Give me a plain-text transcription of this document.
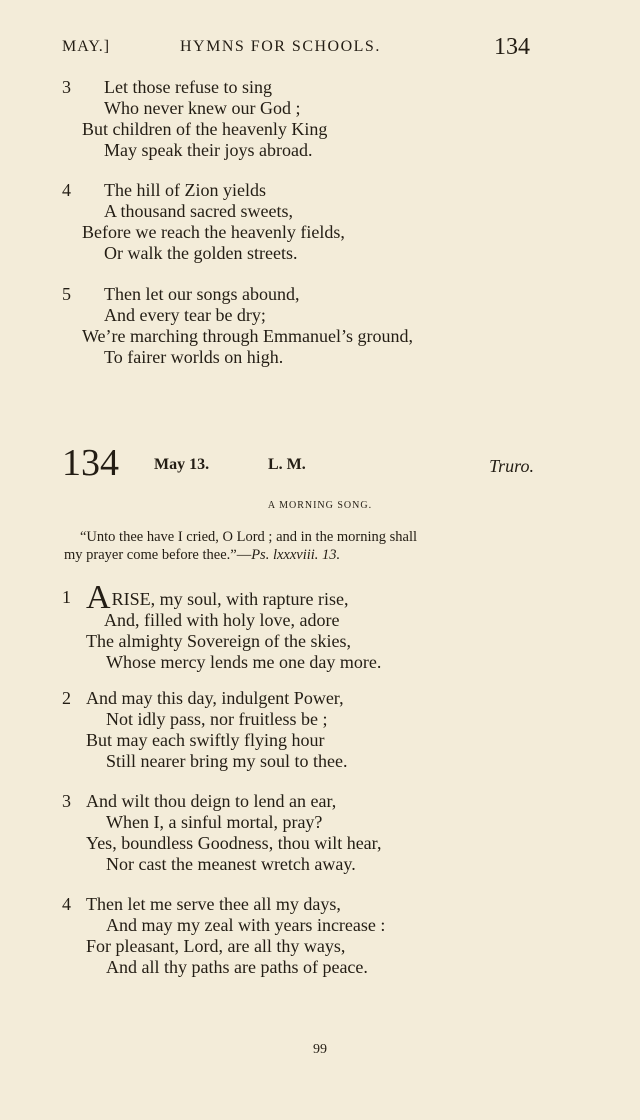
MAY.]	HYMNS FOR SCHOOLS.	134
3	Let those refuse to sing
Who never knew our God ;
But children of the heavenly King
May speak their joys abroad.
4	The hill of Zion yields
A thousand sacred sweets,
Before we reach the heavenly fields,
Or walk the golden streets.
5	Then let our songs abound,
And every tear be dry;
We’re marching through Emmanuel’s ground,
To fairer worlds on high.
134 May 13.	L. M.	Truro.
A MORNING SONG.
“Unto thee have I cried, O Lord ; and in the morning shall
my prayer come before thee.”—Ps. lxxxviii. 13.
1 ARISE, my soul, with rapture rise,
And, filled with holy love, adore
The almighty Sovereign of the skies,
Whose mercy lends me one day more.
2 And may this day, indulgent Power,
Not idly pass, nor fruitless be ;
But may each swiftly flying hour
Still nearer bring my soul to thee.
3 And wilt thou deign to lend an ear,
When I, a sinful mortal, pray?
Yes, boundless Goodness, thou wilt hear,
Nor cast the meanest wretch away.
4 Then let me serve thee all my days,
And may my zeal with years increase :
For pleasant, Lord, are all thy ways,
And all thy paths are paths of peace.
99
